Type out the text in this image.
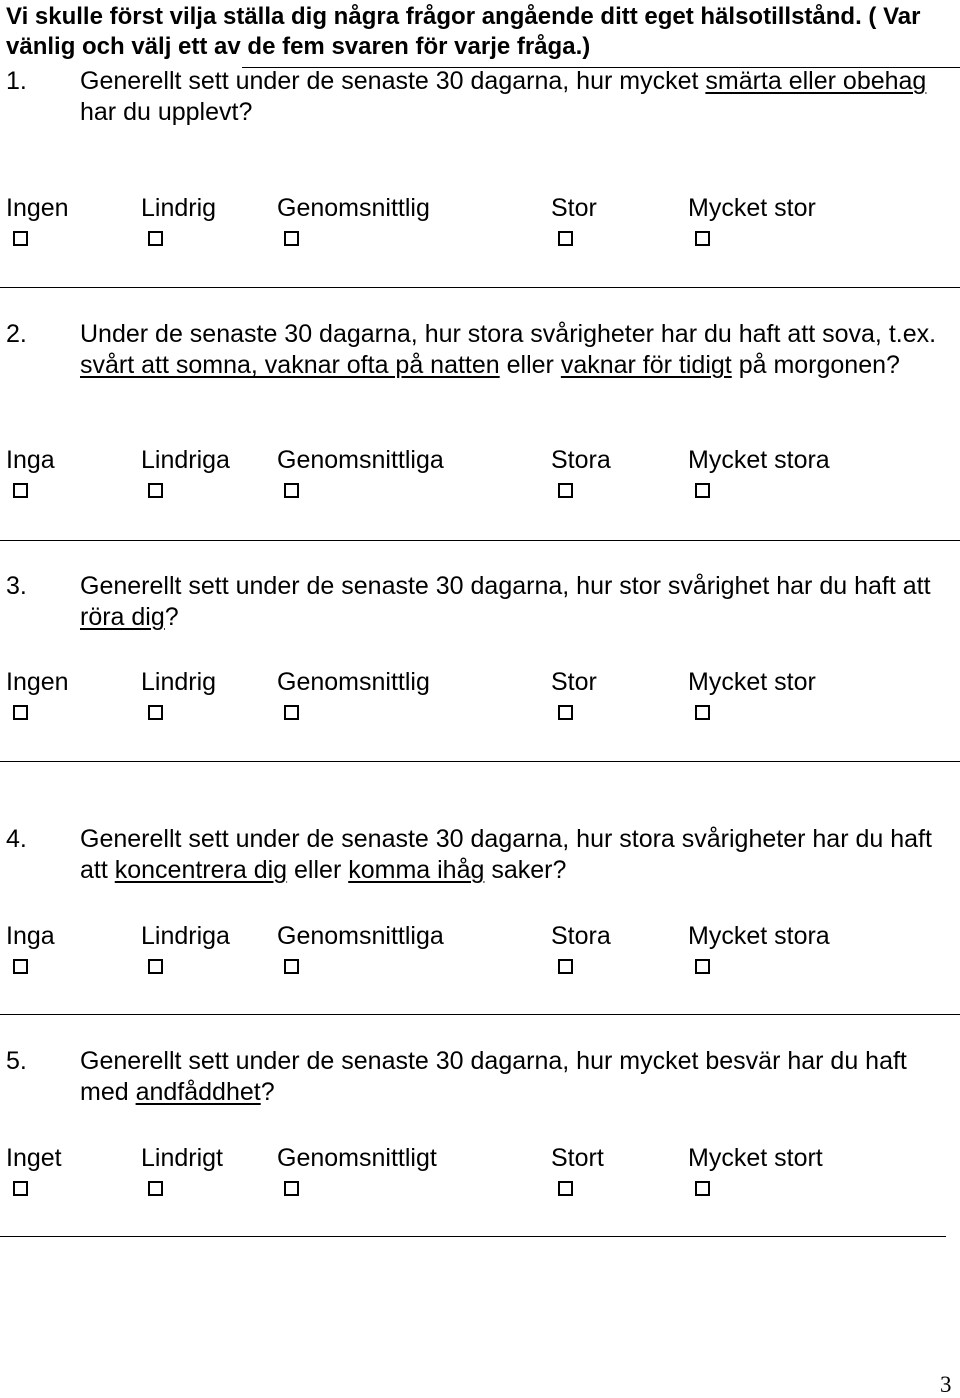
Vi skulle först vilja ställa dig några frågor angående ditt eget hälsotillstånd. ( Var vänlig och välj ett av de fem svaren för varje fråga.)
1. Generellt sett under de senaste 30 dagarna, hur mycket smärta eller obehag har du upplevt?
Ingen	Lindrig Genomsnittlig	Stor	Mycket stor
2. Under de senaste 30 dagarna, hur stora svårigheter har du haft att sova, t.ex. svårt att somna, vaknar ofta på natten eller vaknar för tidigt på morgonen?
Inga	Lindriga Genomsnittliga	Stora	Mycket stora
3. Generellt sett under de senaste 30 dagarna, hur stor svårighet har du haft att röra dig?
Ingen	Lindrig Genomsnittlig	Stor	Mycket stor
4. Generellt sett under de senaste 30 dagarna, hur stora svårigheter har du haft att koncentrera dig eller komma ihåg saker?
Inga	Lindriga Genomsnittliga	Stora	Mycket stora
5. Generellt sett under de senaste 30 dagarna, hur mycket besvär har du haft med andfåddhet?
Inget	Lindrigt Genomsnittligt	Stort	Mycket stort
3
